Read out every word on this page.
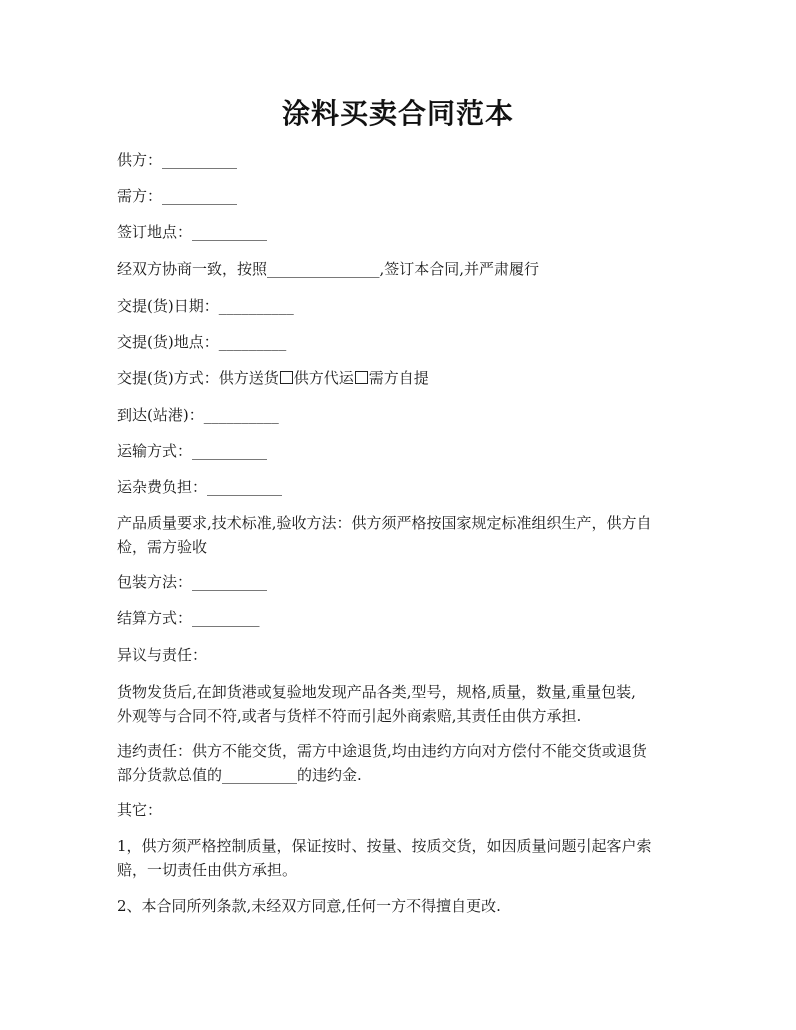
涂料买卖合同范本
供方：__________
需方：__________
签订地点：__________
经双方协商一致，按照_______________,签订本合同,并严肃履行
交提(货)日期：__________
交提(货)地点：_________
交提(货)方式：供方送货 供方代运 需方自提
到达(站港)：__________
运输方式：__________
运杂费负担：__________
产品质量要求,技术标准,验收方法：供方须严格按国家规定标准组织生产，供方自
检，需方验收
包装方法：__________
结算方式：_________
异议与责任：
货物发货后,在卸货港或复验地发现产品各类,型号，规格,质量，数量,重量包装,
外观等与合同不符,或者与货样不符而引起外商索赔,其责任由供方承担.
违约责任：供方不能交货，需方中途退货,均由违约方向对方偿付不能交货或退货
部分货款总值的__________的违约金.
其它：
1，供方须严格控制质量，保证按时、按量、按质交货，如因质量问题引起客户索
赔，一切责任由供方承担。
2、本合同所列条款,未经双方同意,任何一方不得擅自更改.
